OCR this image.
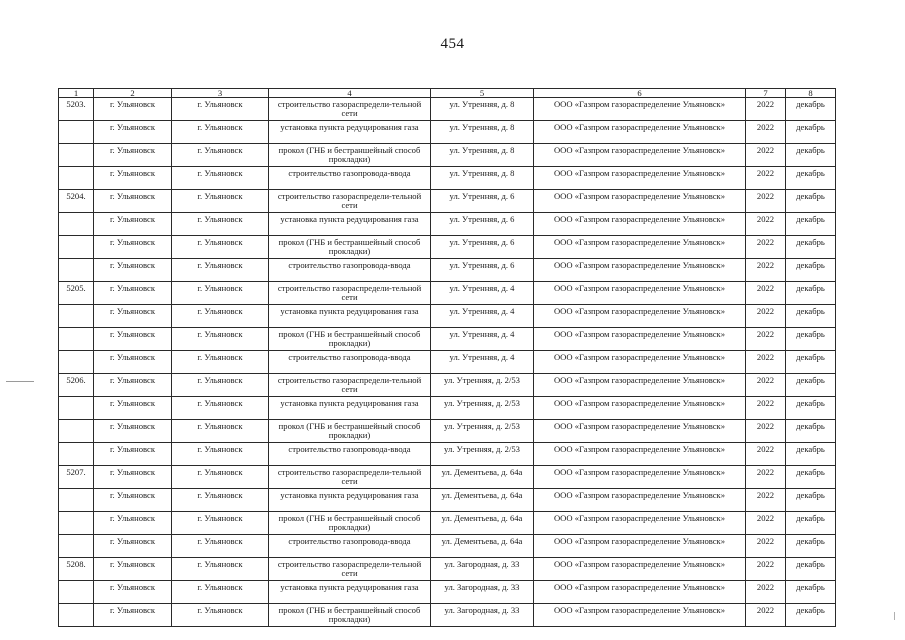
454
1	2	3	4	5	6	7	8
5203.	г. Ульяновск	г. Ульяновск	строительство газораспредели-тельной сети	ул. Утренняя, д. 8	ООО «Газпром газораспределение Ульяновск»	2022	декабрь
	г. Ульяновск	г. Ульяновск	установка пункта редуцирования газа	ул. Утренняя, д. 8	ООО «Газпром газораспределение Ульяновск»	2022	декабрь
	г. Ульяновск	г. Ульяновск	прокол (ГНБ и бестраншейный способ прокладки)	ул. Утренняя, д. 8	ООО «Газпром газораспределение Ульяновск»	2022	декабрь
	г. Ульяновск	г. Ульяновск	строительство газопровода-ввода	ул. Утренняя, д. 8	ООО «Газпром газораспределение Ульяновск»	2022	декабрь
5204.	г. Ульяновск	г. Ульяновск	строительство газораспредели-тельной сети	ул. Утренняя, д. 6	ООО «Газпром газораспределение Ульяновск»	2022	декабрь
	г. Ульяновск	г. Ульяновск	установка пункта редуцирования газа	ул. Утренняя, д. 6	ООО «Газпром газораспределение Ульяновск»	2022	декабрь
	г. Ульяновск	г. Ульяновск	прокол (ГНБ и бестраншейный способ прокладки)	ул. Утренняя, д. 6	ООО «Газпром газораспределение Ульяновск»	2022	декабрь
	г. Ульяновск	г. Ульяновск	строительство газопровода-ввода	ул. Утренняя, д. 6	ООО «Газпром газораспределение Ульяновск»	2022	декабрь
5205.	г. Ульяновск	г. Ульяновск	строительство газораспредели-тельной сети	ул. Утренняя, д. 4	ООО «Газпром газораспределение Ульяновск»	2022	декабрь
	г. Ульяновск	г. Ульяновск	установка пункта редуцирования газа	ул. Утренняя, д. 4	ООО «Газпром газораспределение Ульяновск»	2022	декабрь
	г. Ульяновск	г. Ульяновск	прокол (ГНБ и бестраншейный способ прокладки)	ул. Утренняя, д. 4	ООО «Газпром газораспределение Ульяновск»	2022	декабрь
	г. Ульяновск	г. Ульяновск	строительство газопровода-ввода	ул. Утренняя, д. 4	ООО «Газпром газораспределение Ульяновск»	2022	декабрь
5206.	г. Ульяновск	г. Ульяновск	строительство газораспредели-тельной сети	ул. Утренняя, д. 2/53	ООО «Газпром газораспределение Ульяновск»	2022	декабрь
	г. Ульяновск	г. Ульяновск	установка пункта редуцирования газа	ул. Утренняя, д. 2/53	ООО «Газпром газораспределение Ульяновск»	2022	декабрь
	г. Ульяновск	г. Ульяновск	прокол (ГНБ и бестраншейный способ прокладки)	ул. Утренняя, д. 2/53	ООО «Газпром газораспределение Ульяновск»	2022	декабрь
	г. Ульяновск	г. Ульяновск	строительство газопровода-ввода	ул. Утренняя, д. 2/53	ООО «Газпром газораспределение Ульяновск»	2022	декабрь
5207.	г. Ульяновск	г. Ульяновск	строительство газораспредели-тельной сети	ул. Дементьева, д. 64а	ООО «Газпром газораспределение Ульяновск»	2022	декабрь
	г. Ульяновск	г. Ульяновск	установка пункта редуцирования газа	ул. Дементьева, д. 64а	ООО «Газпром газораспределение Ульяновск»	2022	декабрь
	г. Ульяновск	г. Ульяновск	прокол (ГНБ и бестраншейный способ прокладки)	ул. Дементьева, д. 64а	ООО «Газпром газораспределение Ульяновск»	2022	декабрь
	г. Ульяновск	г. Ульяновск	строительство газопровода-ввода	ул. Дементьева, д. 64а	ООО «Газпром газораспределение Ульяновск»	2022	декабрь
5208.	г. Ульяновск	г. Ульяновск	строительство газораспредели-тельной сети	ул. Загородная, д. 33	ООО «Газпром газораспределение Ульяновск»	2022	декабрь
	г. Ульяновск	г. Ульяновск	установка пункта редуцирования газа	ул. Загородная, д. 33	ООО «Газпром газораспределение Ульяновск»	2022	декабрь
	г. Ульяновск	г. Ульяновск	прокол (ГНБ и бестраншейный способ прокладки)	ул. Загородная, д. 33	ООО «Газпром газораспределение Ульяновск»	2022	декабрь
